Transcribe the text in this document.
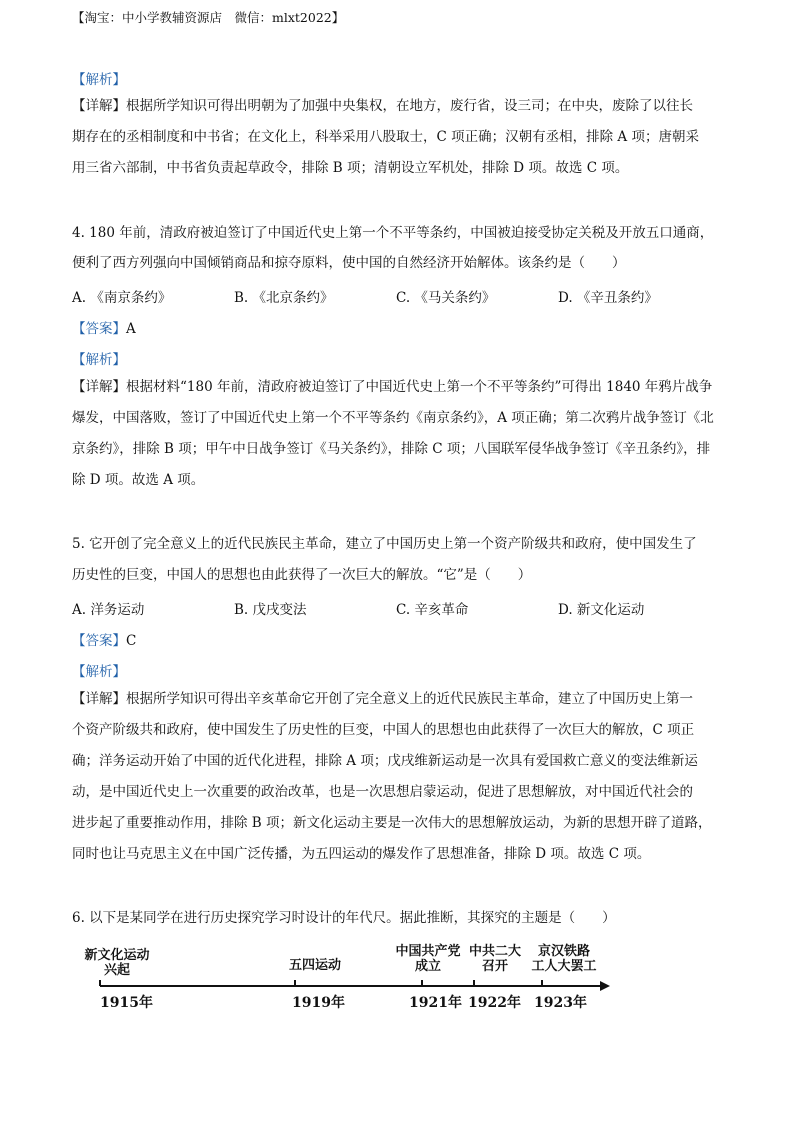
【淘宝：中小学教辅资源店　微信：mlxt2022】
【解析】
【详解】根据所学知识可得出明朝为了加强中央集权，在地方，废行省，设三司；在中央，废除了以往长
期存在的丞相制度和中书省；在文化上，科举采用八股取士，C 项正确；汉朝有丞相，排除 A 项；唐朝采
用三省六部制，中书省负责起草政令，排除 B 项；清朝设立军机处，排除 D 项。故选 C 项。
4. 180 年前，清政府被迫签订了中国近代史上第一个不平等条约，中国被迫接受协定关税及开放五口通商，
便利了西方列强向中国倾销商品和掠夺原料，使中国的自然经济开始解体。该条约是（　　）
A. 《南京条约》	B. 《北京条约》	C. 《马关条约》	D. 《辛丑条约》
【答案】A
【解析】
【详解】根据材料“180 年前，清政府被迫签订了中国近代史上第一个不平等条约”可得出 1840 年鸦片战争
爆发，中国落败，签订了中国近代史上第一个不平等条约《南京条约》，A 项正确；第二次鸦片战争签订《北
京条约》，排除 B 项；甲午中日战争签订《马关条约》，排除 C 项；八国联军侵华战争签订《辛丑条约》，排
除 D 项。故选 A 项。
5. 它开创了完全意义上的近代民族民主革命，建立了中国历史上第一个资产阶级共和政府，使中国发生了
历史性的巨变，中国人的思想也由此获得了一次巨大的解放。“它”是（　　）
A. 洋务运动	B. 戊戌变法	C. 辛亥革命	D. 新文化运动
【答案】C
【解析】
【详解】根据所学知识可得出辛亥革命它开创了完全意义上的近代民族民主革命，建立了中国历史上第一
个资产阶级共和政府，使中国发生了历史性的巨变，中国人的思想也由此获得了一次巨大的解放，C 项正
确；洋务运动开始了中国的近代化进程，排除 A 项；戊戌维新运动是一次具有爱国救亡意义的变法维新运
动，是中国近代史上一次重要的政治改革，也是一次思想启蒙运动，促进了思想解放，对中国近代社会的
进步起了重要推动作用，排除 B 项；新文化运动主要是一次伟大的思想解放运动，为新的思想开辟了道路，
同时也让马克思主义在中国广泛传播，为五四运动的爆发作了思想准备，排除 D 项。故选 C 项。
6. 以下是某同学在进行历史探究学习时设计的年代尺。据此推断，其探究的主题是（　　）
新文化运动
兴起	五四运动
中国共产党
成立
中共二大
召开
京汉铁路
工人大罢工
1915年	1919年	1921年 1922年 1923年
